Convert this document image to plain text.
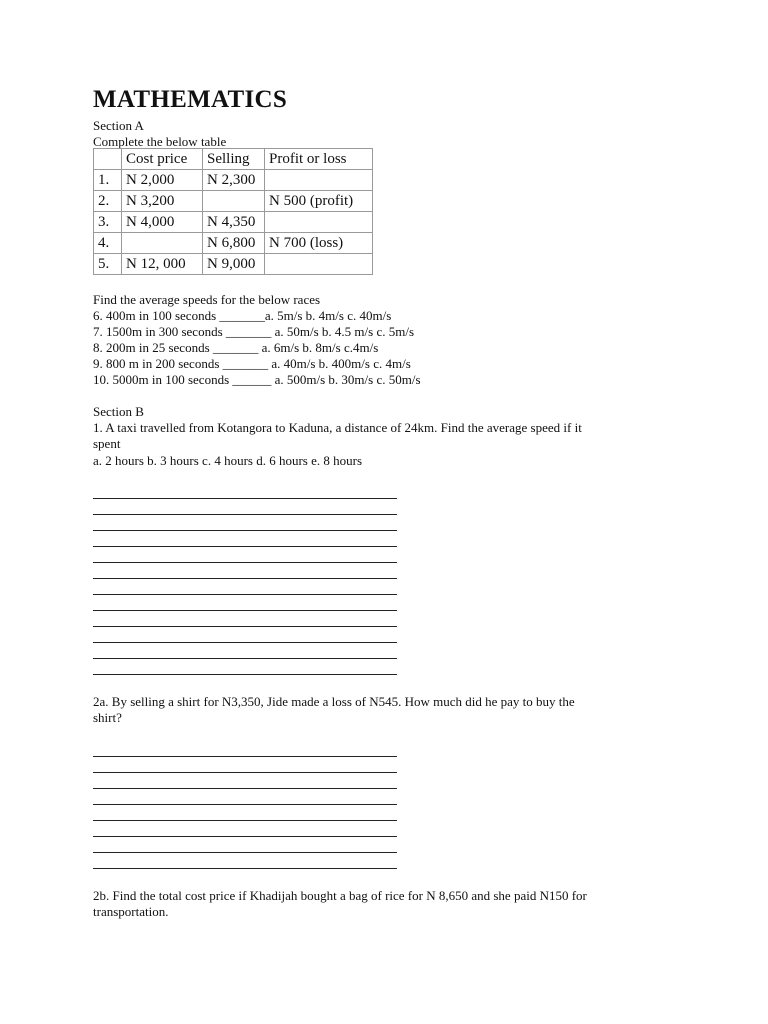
MATHEMATICS
Section A
Complete the below table
	Cost price	Selling	Profit or loss
1.	N 2,000	N 2,300	
2.	N 3,200		N 500 (profit)
3.	N 4,000	N 4,350	
4.		N 6,800	N 700 (loss)
5.	N 12, 000	N 9,000	
Find the average speeds for the below races
6. 400m in 100 seconds _______a. 5m/s b. 4m/s c. 40m/s
7. 1500m in 300 seconds _______ a. 50m/s b. 4.5 m/s c. 5m/s
8. 200m in 25 seconds _______ a. 6m/s b. 8m/s c.4m/s
9. 800 m in 200 seconds _______ a. 40m/s b. 400m/s c. 4m/s
10. 5000m in 100 seconds ______ a. 500m/s b. 30m/s c. 50m/s
Section B
1. A taxi travelled from Kotangora to Kaduna, a distance of 24km. Find the average speed if it
spent
a. 2 hours b. 3 hours c. 4 hours d. 6 hours e. 8 hours
2a. By selling a shirt for N3,350, Jide made a loss of N545. How much did he pay to buy the
shirt?
2b. Find the total cost price if Khadijah bought a bag of rice for N 8,650 and she paid N150 for
transportation.
